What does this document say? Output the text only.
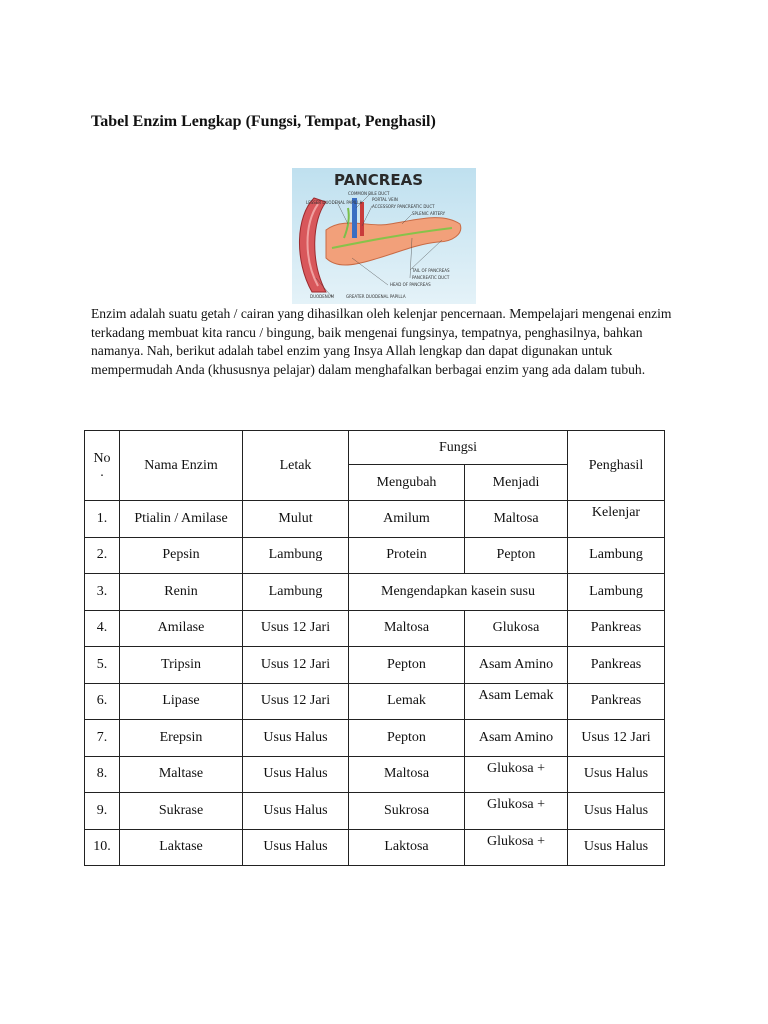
Tabel Enzim Lengkap (Fungsi, Tempat, Penghasil)
PANCREAS
LESSER DUODENAL PAPILLA
COMMON BILE DUCT
PORTAL VEIN
ACCESSORY PANCREATIC DUCT
SPLENIC ARTERY
TAIL OF PANCREAS
PANCREATIC DUCT
HEAD OF PANCREAS
DUODENUM	GREATER DUODENAL PAPILLA

Enzim adalah suatu getah / cairan yang dihasilkan oleh kelenjar pencernaan. Mempelajari mengenai enzim terkadang membuat kita rancu / bingung, baik mengenai fungsinya, tempatnya, penghasilnya, bahkan namanya. Nah, berikut adalah tabel enzim yang Insya Allah lengkap dan dapat digunakan untuk mempermudah Anda (khususnya pelajar) dalam menghafalkan berbagai enzim yang ada dalam tubuh.

No
.	Nama Enzim	Letak	Fungsi		Penghasil
			Mengubah	Menjadi	
1.	Ptialin / Amilase	Mulut	Amilum	Maltosa	Kelenjar
2.	Pepsin	Lambung	Protein	Pepton	Lambung
3.	Renin	Lambung	Mengendapkan kasein susu		Lambung
4.	Amilase	Usus 12 Jari	Maltosa	Glukosa	Pankreas
5.	Tripsin	Usus 12 Jari	Pepton	Asam Amino	Pankreas
6.	Lipase	Usus 12 Jari	Lemak	Asam Lemak	Pankreas
7.	Erepsin	Usus Halus	Pepton	Asam Amino	Usus 12 Jari
8.	Maltase	Usus Halus	Maltosa	Glukosa +	Usus Halus
9.	Sukrase	Usus Halus	Sukrosa	Glukosa +	Usus Halus
10.	Laktase	Usus Halus	Laktosa	Glukosa +	Usus Halus
